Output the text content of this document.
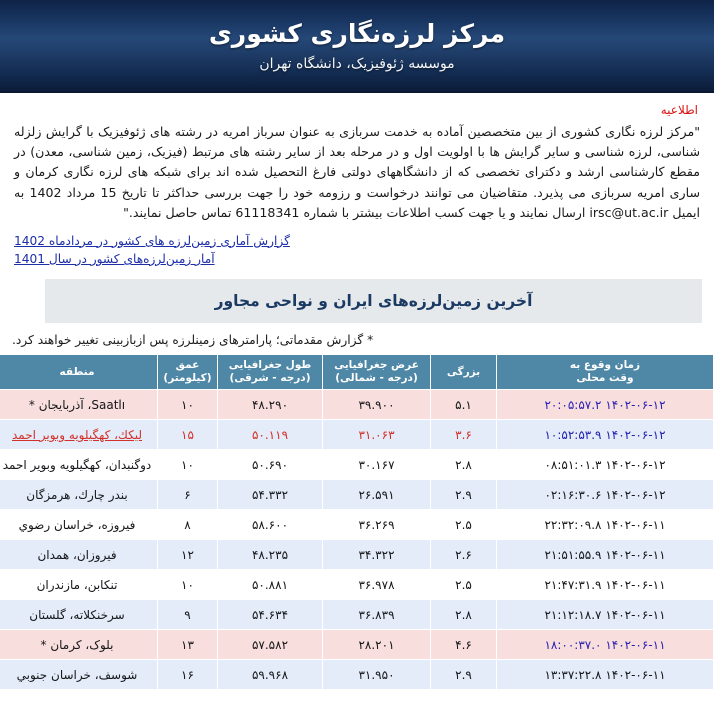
مرکز لرزه‌نگاری کشوری
موسسه ژئوفیزیک، دانشگاه تهران
اطلاعیه
"مرکز لرزه نگاری کشوری از بین متخصصین آماده به خدمت سربازی به عنوان سرباز امریه در رشته های ژئوفیزیک با گرایش زلزله شناسی، لرزه شناسی و سایر گرایش ها با اولویت اول و در مرحله بعد از سایر رشته های مرتبط (فیزیک، زمین شناسی، معدن) در مقطع کارشناسی ارشد و دکترای تخصصی که از دانشگاههای دولتی فارغ التحصیل شده اند برای شبکه های لرزه نگاری کرمان و ساری امریه سربازی می پذیرد. متقاضیان می توانند درخواست و رزومه خود را جهت بررسی حداکثر تا تاریخ 15 مرداد 1402 به ایمیل irsc@ut.ac.ir ارسال نمایند و یا جهت کسب اطلاعات بیشتر با شماره 61118341 تماس حاصل نمایند."
گزارش آماری زمین‌لرزه های کشور در مردادماه 1402
آمار زمین‌لرزه‌های کشور در سال 1401
آخرین زمین‌لرزه‌های ایران و نواحی مجاور
* گزارش مقدماتی؛ پارامترهای زمینلرزه پس ازبازبینی تغییر خواهند کرد.
زمان وقوع به
وقت محلی	بزرگی	عرض جغرافیایی
(درجه - شمالی)	طول جغرافیایی
(درجه - شرقی)	عمق
(کیلومتر)	منطقه
۱۴۰۲-۰۶-۱۲ ۲۰:۰۵:۵۷.۲	۵.۱	۳۹.۹۰۰	۴۸.۲۹۰	۱۰	Saatlı، آذربایجان *
۱۴۰۲-۰۶-۱۲ ۱۰:۵۲:۵۳.۹	۳.۶	۳۱.۰۶۳	۵۰.۱۱۹	۱۵	لیکك، کهگیلویه وبویر احمد
۱۴۰۲-۰۶-۱۲ ۰۸:۵۱:۰۱.۳	۲.۸	۳۰.۱۶۷	۵۰.۶۹۰	۱۰	دوگنبدان، کهگیلویه وبویر احمد
۱۴۰۲-۰۶-۱۲ ۰۲:۱۶:۳۰.۶	۲.۹	۲۶.۵۹۱	۵۴.۳۳۲	۶	بندر چارك، هرمزگان
۱۴۰۲-۰۶-۱۱ ۲۲:۳۲:۰۹.۸	۲.۵	۳۶.۲۶۹	۵۸.۶۰۰	۸	فیروزه، خراسان رضوي
۱۴۰۲-۰۶-۱۱ ۲۱:۵۱:۵۵.۹	۲.۶	۳۴.۳۲۲	۴۸.۲۳۵	۱۲	فیروزان، همدان
۱۴۰۲-۰۶-۱۱ ۲۱:۴۷:۳۱.۹	۲.۵	۳۶.۹۷۸	۵۰.۸۸۱	۱۰	تنکابن، مازندران
۱۴۰۲-۰۶-۱۱ ۲۱:۱۲:۱۸.۷	۲.۸	۳۶.۸۳۹	۵۴.۶۳۴	۹	سرخنکلاته، گلستان
۱۴۰۲-۰۶-۱۱ ۱۸:۰۰:۳۷.۰	۴.۶	۲۸.۲۰۱	۵۷.۵۸۲	۱۳	بلوک، کرمان *
۱۴۰۲-۰۶-۱۱ ۱۳:۳۷:۲۲.۸	۲.۹	۳۱.۹۵۰	۵۹.۹۶۸	۱۶	شوسف، خراسان جنوبي
